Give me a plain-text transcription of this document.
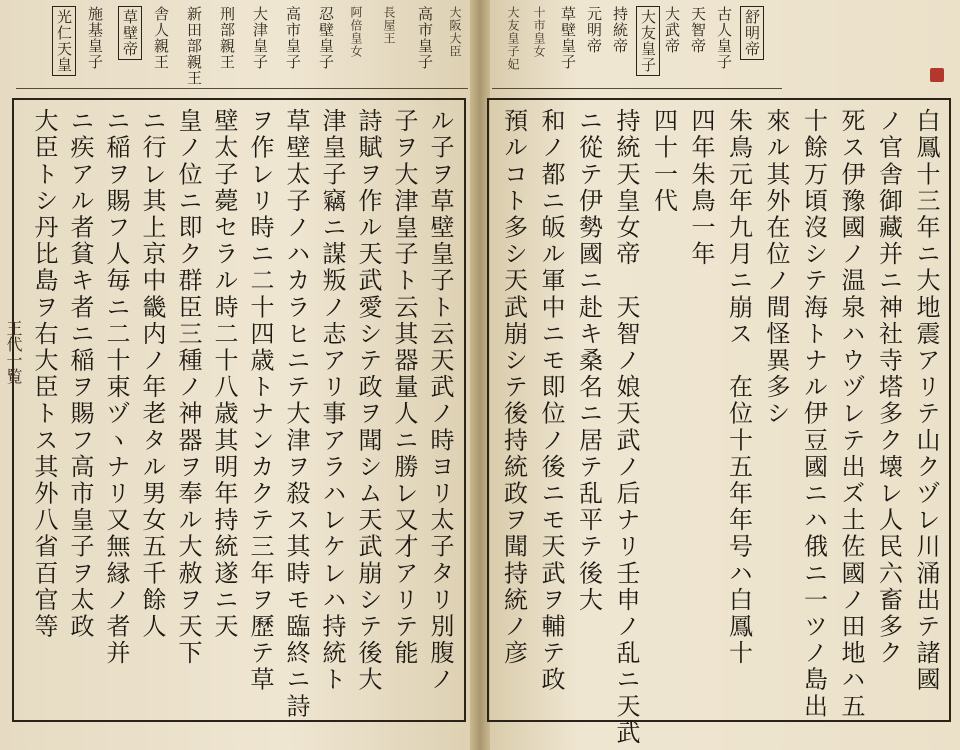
舒明帝
古人皇子
天智帝
大武帝
大友皇子
持統帝
元明帝
草壁皇子
十市皇女
大友皇子妃
大阪大臣
高市皇子
長屋王
阿倍皇女
忍壁皇子
高市皇子
大津皇子
刑部親王
新田部親王
舎人親王
草壁帝
施基皇子
光仁天皇
白鳳十三年ニ大地震アリテ山クヅレ川涌出テ諸國
ノ官舎御藏并ニ神社寺塔多ク壊レ人民六畜多ク
死ス伊豫國ノ温泉ハウヅレテ出ズ土佐國ノ田地ハ五
十餘万頃沒シテ海トナル伊豆國ニハ俄ニ一ツノ島出
來ル其外在位ノ間怪異多シ
朱鳥元年九月ニ崩ス　在位十五年年号ハ白鳳十
四年朱鳥一年
四十一代
持統天皇女帝　天智ノ娘天武ノ后ナリ壬申ノ乱ニ天武
ニ從テ伊勢國ニ赴キ桑名ニ居テ乱平テ後大
和ノ都ニ皈ル軍中ニモ即位ノ後ニモ天武ヲ輔テ政
預ルコト多シ天武崩シテ後持統政ヲ聞持統ノ彦
ル子ヲ草壁皇子ト云天武ノ時ヨリ太子タリ別腹ノ
子ヲ大津皇子ト云其器量人ニ勝レ又才アリテ能
詩賦ヲ作ル天武愛シテ政ヲ聞シム天武崩シテ後大
津皇子竊ニ謀叛ノ志アリ事アラハレケレハ持統ト
草壁太子ノハカラヒニテ大津ヲ殺ス其時モ臨終ニ詩
ヲ作レリ時ニ二十四歳トナンカクテ三年ヲ歷テ草
壁太子薨セラル時二十八歳其明年持統遂ニ天
皇ノ位ニ即ク群臣三種ノ神器ヲ奉ル大赦ヲ天下
ニ行レ其上京中畿内ノ年老タル男女五千餘人
ニ稲ヲ賜フ人毎ニ二十束ヅヽナリ又無縁ノ者并
ニ疾アル者貧キ者ニ稲ヲ賜フ高市皇子ヲ太政
大臣トシ丹比島ヲ右大臣トス其外八省百官等
王代一覧
